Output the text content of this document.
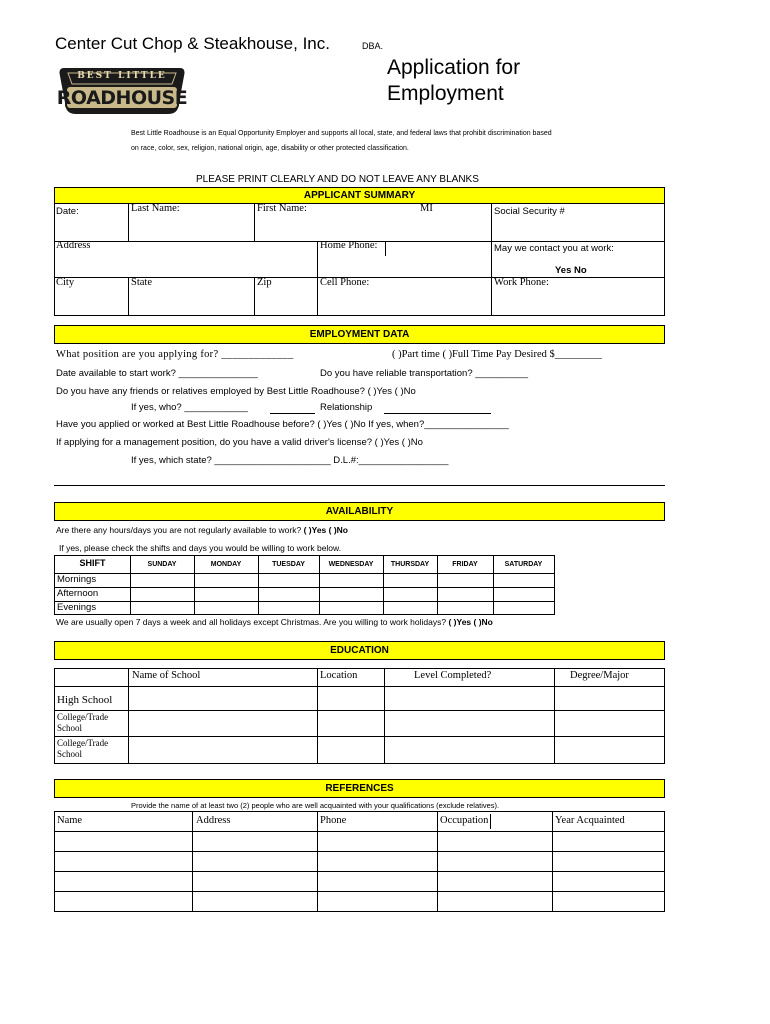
Center Cut Chop & Steakhouse, Inc.	DBA.
BEST LITTLE
ROADHOUSE
Application for
Employment
Best Little Roadhouse is an Equal Opportunity Employer and supports all local, state, and federal laws that prohibit discrimination based
on race, color, sex, religion, national origin, age, disability or other protected classification.
PLEASE PRINT CLEARLY AND DO NOT LEAVE ANY BLANKS
APPLICANT SUMMARY
Date:	Last Name:	First Name:	MI	Social Security #
Address	Home Phone:	May we contact you at work:
Yes No
City	State	Zip	Cell Phone:	Work Phone:
EMPLOYMENT DATA
What position are you applying for? _____________	( )Part time ( )Full Time Pay Desired $_________
Date available to start work? _______________	Do you have reliable transportation? __________
Do you have any friends or relatives employed by Best Little Roadhouse? ( )Yes ( )No
If yes, who? ____________	Relationship
Have you applied or worked at Best Little Roadhouse before? ( )Yes ( )No If yes, when?________________
If applying for a management position, do you have a valid driver's license? ( )Yes ( )No
If yes, which state? ______________________ D.L.#:_________________
AVAILABILITY
Are there any hours/days you are not regularly available to work? ( )Yes ( )No
If yes, please check the shifts and days you would be willing to work below.
SHIFT	SUNDAY	MONDAY	TUESDAY	WEDNESDAY	THURSDAY	FRIDAY	SATURDAY
Mornings
Afternoon
Evenings
We are usually open 7 days a week and all holidays except Christmas. Are you willing to work holidays? ( )Yes ( )No
EDUCATION
Name of School	Location	Level Completed?	Degree/Major
High School
College/Trade School
College/Trade School
REFERENCES
Provide the name of at least two (2) people who are well acquainted with your qualifications (exclude relatives).
Name	Address	Phone	Occupation	Year Acquainted
